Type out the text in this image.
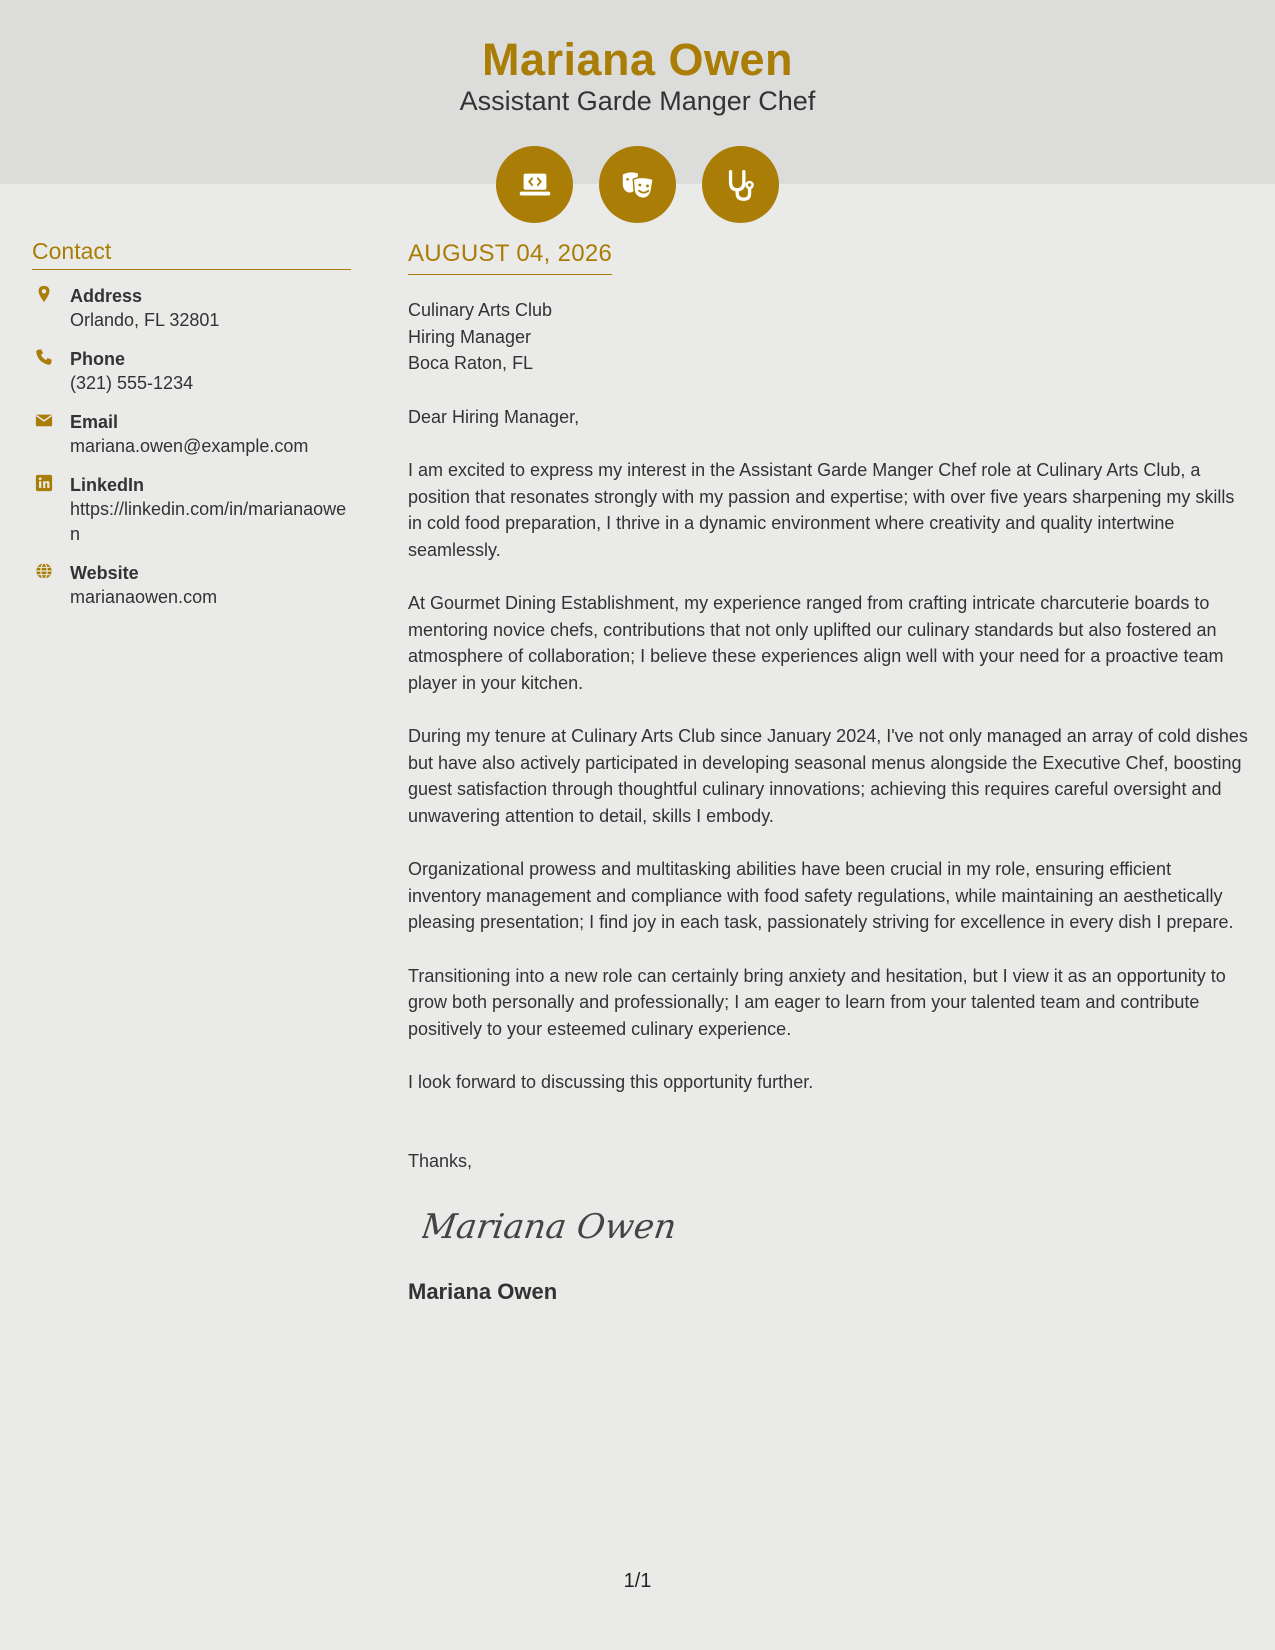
Mariana Owen
Assistant Garde Manger Chef
Contact
Address
Orlando, FL 32801
Phone
(321) 555-1234
Email
mariana.owen@example.com
LinkedIn
https://linkedin.com/in/marianaowen
Website
marianaowen.com
AUGUST 04, 2026
Culinary Arts Club
Hiring Manager
Boca Raton, FL
Dear Hiring Manager,
I am excited to express my interest in the Assistant Garde Manger Chef role at Culinary Arts Club, a position that resonates strongly with my passion and expertise; with over five years sharpening my skills in cold food preparation, I thrive in a dynamic environment where creativity and quality intertwine seamlessly.
At Gourmet Dining Establishment, my experience ranged from crafting intricate charcuterie boards to mentoring novice chefs, contributions that not only uplifted our culinary standards but also fostered an atmosphere of collaboration; I believe these experiences align well with your need for a proactive team player in your kitchen.
During my tenure at Culinary Arts Club since January 2024, I've not only managed an array of cold dishes but have also actively participated in developing seasonal menus alongside the Executive Chef, boosting guest satisfaction through thoughtful culinary innovations; achieving this requires careful oversight and unwavering attention to detail, skills I embody.
Organizational prowess and multitasking abilities have been crucial in my role, ensuring efficient inventory management and compliance with food safety regulations, while maintaining an aesthetically pleasing presentation; I find joy in each task, passionately striving for excellence in every dish I prepare.
Transitioning into a new role can certainly bring anxiety and hesitation, but I view it as an opportunity to grow both personally and professionally; I am eager to learn from your talented team and contribute positively to your esteemed culinary experience.
I look forward to discussing this opportunity further.
Thanks,
Mariana Owen
Mariana Owen
1/1
